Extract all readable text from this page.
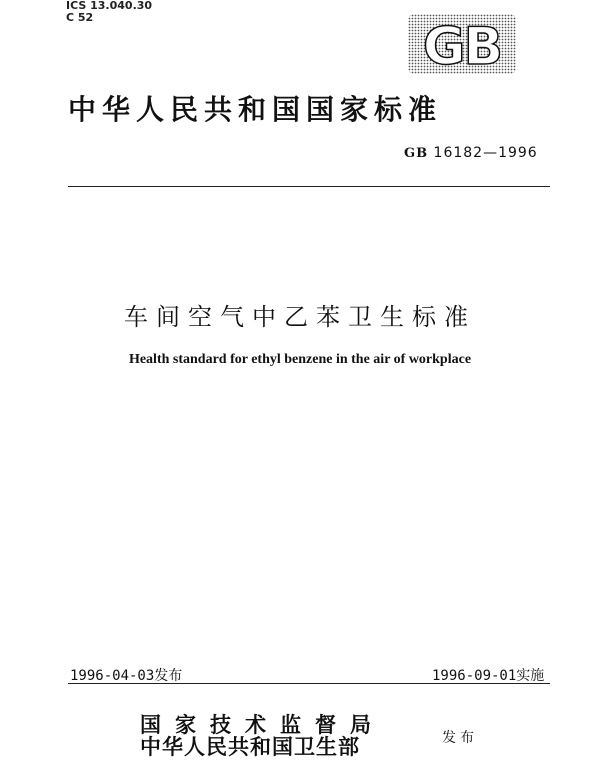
ICS 13.040.30
C 52	GB
中华人民共和国国家标准
GB 16182—1996
车间空气中乙苯卫生标准
Health standard for ethyl benzene in the air of workplace
1996-04-03发布	1996-09-01实施
国家技术监督局
中华人民共和国卫生部	发布
